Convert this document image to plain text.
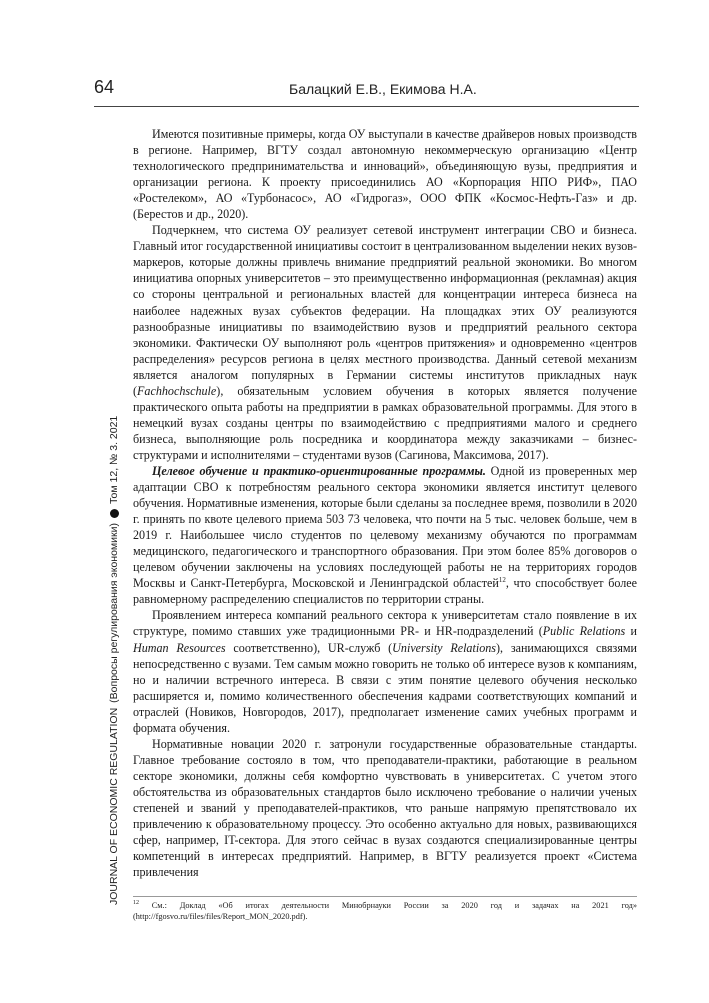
64	Балацкий Е.В., Екимова Н.А.
JOURNAL OF ECONOMIC REGULATION
(Вопросы регулирования экономики)
Том 12, № 3. 2021

Имеются позитивные примеры, когда ОУ выступали в качестве драйверов новых производств в регионе. Например, ВГТУ создал автономную некоммерческую организацию «Центр технологического предпринимательства и инноваций», объединяющую вузы, предприятия и организации региона. К проекту присоединились АО «Корпорация НПО РИФ», ПАО «Ростелеком», АО «Турбонасос», АО «Гидрогаз», ООО ФПК «Космос-Нефть-Газ» и др. (Берестов и др., 2020).

Подчеркнем, что система ОУ реализует сетевой инструмент интеграции СВО и бизнеса. Главный итог государственной инициативы состоит в централизованном выделении неких вузов-маркеров, которые должны привлечь внимание предприятий реальной экономики. Во многом инициатива опорных университетов – это преимущественно информационная (рекламная) акция со стороны центральной и региональных властей для концентрации интереса бизнеса на наиболее надежных вузах субъектов федерации. На площадках этих ОУ реализуются разнообразные инициативы по взаимодействию вузов и предприятий реального сектора экономики. Фактически ОУ выполняют роль «центров притяжения» и одновременно «центров распределения» ресурсов региона в целях местного производства. Данный сетевой механизм является аналогом популярных в Германии системы институтов прикладных наук (Fachhochschule), обязательным условием обучения в которых является получение практического опыта работы на предприятии в рамках образовательной программы. Для этого в немецкий вузах созданы центры по взаимодействию с предприятиями малого и среднего бизнеса, выполняющие роль посредника и координатора между заказчиками – бизнес-структурами и исполнителями – студентами вузов (Сагинова, Максимова, 2017).

Целевое обучение и практико-ориентированные программы. Одной из проверенных мер адаптации СВО к потребностям реального сектора экономики является институт целевого обучения. Нормативные изменения, которые были сделаны за последнее время, позволили в 2020 г. принять по квоте целевого приема 503 73 человека, что почти на 5 тыс. человек больше, чем в 2019 г. Наибольшее число студентов по целевому механизму обучаются по программам медицинского, педагогического и транспортного образования. При этом более 85% договоров о целевом обучении заключены на условиях последующей работы не на территориях городов Москвы и Санкт-Петербурга, Московской и Ленинградской областей$^{12}$, что способствует более равномерному распределению специалистов по территории страны.

Проявлением интереса компаний реального сектора к университетам стало появление в их структуре, помимо ставших уже традиционными PR- и HR-подразделений (Public Relations и Human Resources соответственно), UR-служб (University Relations), занимающихся связями непосредственно с вузами. Тем самым можно говорить не только об интересе вузов к компаниям, но и наличии встречного интереса. В связи с этим понятие целевого обучения несколько расширяется и, помимо количественного обеспечения кадрами соответствующих компаний и отраслей (Новиков, Новгородов, 2017), предполагает изменение самих учебных программ и формата обучения.

Нормативные новации 2020 г. затронули государственные образовательные стандарты. Главное требование состояло в том, что преподаватели-практики, работающие в реальном секторе экономики, должны себя комфортно чувствовать в университетах. С учетом этого обстоятельства из образовательных стандартов было исключено требование о наличии ученых степеней и званий у преподавателей-практиков, что раньше напрямую препятствовало их привлечению к образовательному процессу. Это особенно актуально для новых, развивающихся сфер, например, IT-сектора. Для этого сейчас в вузах создаются специализированные центры компетенций в интересах предприятий. Например, в ВГТУ реализуется проект «Система привлечения

$^{12}$ См.: Доклад «Об итогах деятельности Минобрнауки России за 2020 год и задачах на 2021 год» (http://fgosvo.ru/files/files/Report_MON_2020.pdf).
